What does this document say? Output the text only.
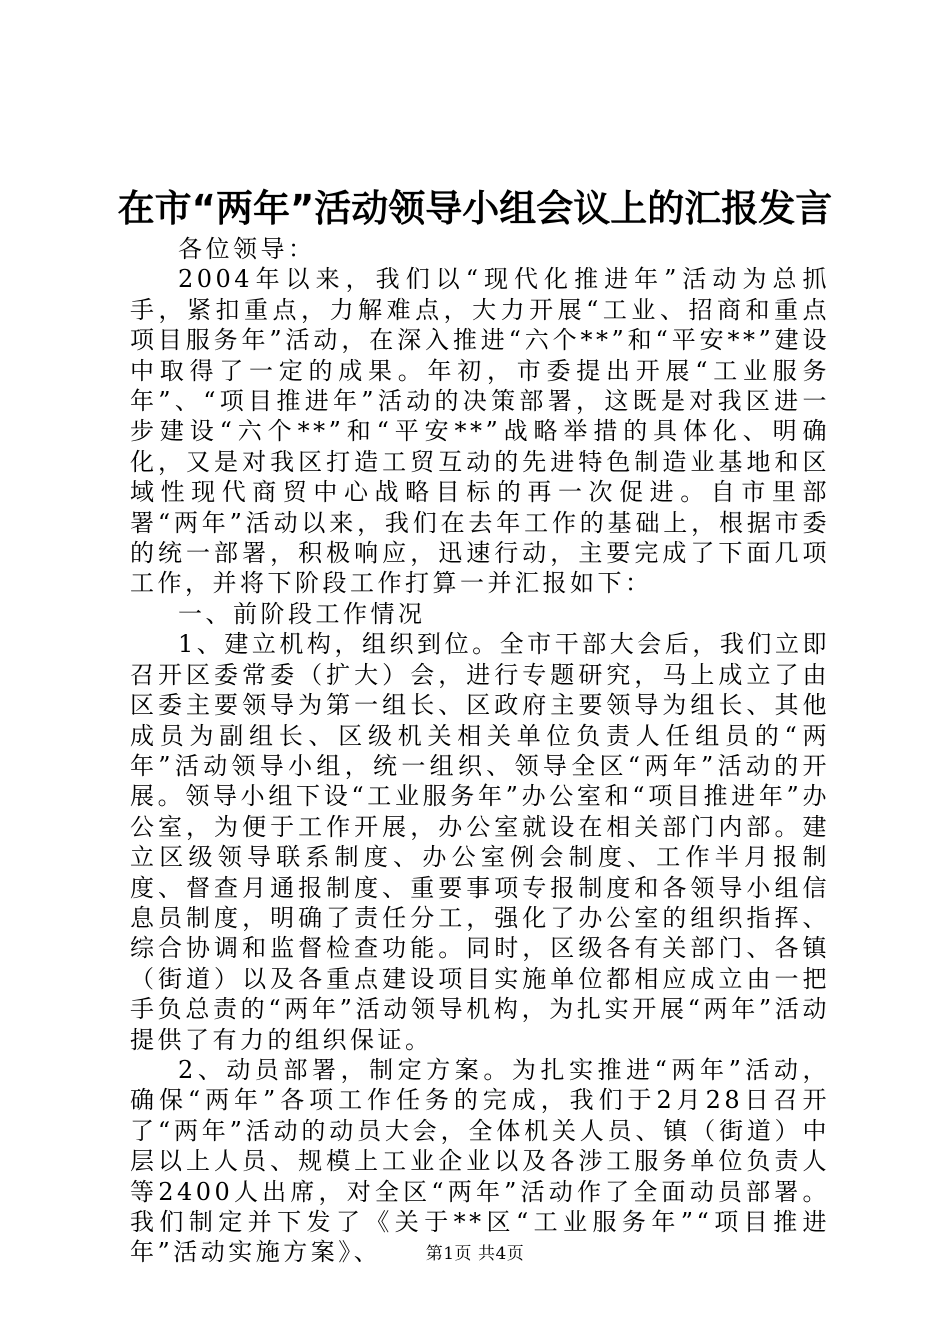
在市“两年”活动领导小组会议上的汇报发言

各位领导：

2004年以来，我们以“现代化推进年”活动为总抓手，紧扣重点，力解难点，大力开展“工业、招商和重点项目服务年”活动，在深入推进“六个**”和“平安**”建设中取得了一定的成果。年初，市委提出开展“工业服务年”、“项目推进年”活动的决策部署，这既是对我区进一步建设“六个**”和“平安**”战略举措的具体化、明确化，又是对我区打造工贸互动的先进特色制造业基地和区域性现代商贸中心战略目标的再一次促进。自市里部署“两年”活动以来，我们在去年工作的基础上，根据市委的统一部署，积极响应，迅速行动，主要完成了下面几项工作，并将下阶段工作打算一并汇报如下：

一、前阶段工作情况

1、建立机构，组织到位。全市干部大会后，我们立即召开区委常委（扩大）会，进行专题研究，马上成立了由区委主要领导为第一组长、区政府主要领导为组长、其他成员为副组长、区级机关相关单位负责人任组员的“两年”活动领导小组，统一组织、领导全区“两年”活动的开展。领导小组下设“工业服务年”办公室和“项目推进年”办公室，为便于工作开展，办公室就设在相关部门内部。建立区级领导联系制度、办公室例会制度、工作半月报制度、督查月通报制度、重要事项专报制度和各领导小组信息员制度，明确了责任分工，强化了办公室的组织指挥、综合协调和监督检查功能。同时，区级各有关部门、各镇（街道）以及各重点建设项目实施单位都相应成立由一把手负总责的“两年”活动领导机构，为扎实开展“两年”活动提供了有力的组织保证。

2、动员部署，制定方案。为扎实推进“两年”活动，确保“两年”各项工作任务的完成，我们于2月28日召开了“两年”活动的动员大会，全体机关人员、镇（街道）中层以上人员、规模上工业企业以及各涉工服务单位负责人等2400人出席，对全区“两年”活动作了全面动员部署。我们制定并下发了《关于**区“工业服务年”“项目推进年”活动实施方案》、	第1页 共4页
